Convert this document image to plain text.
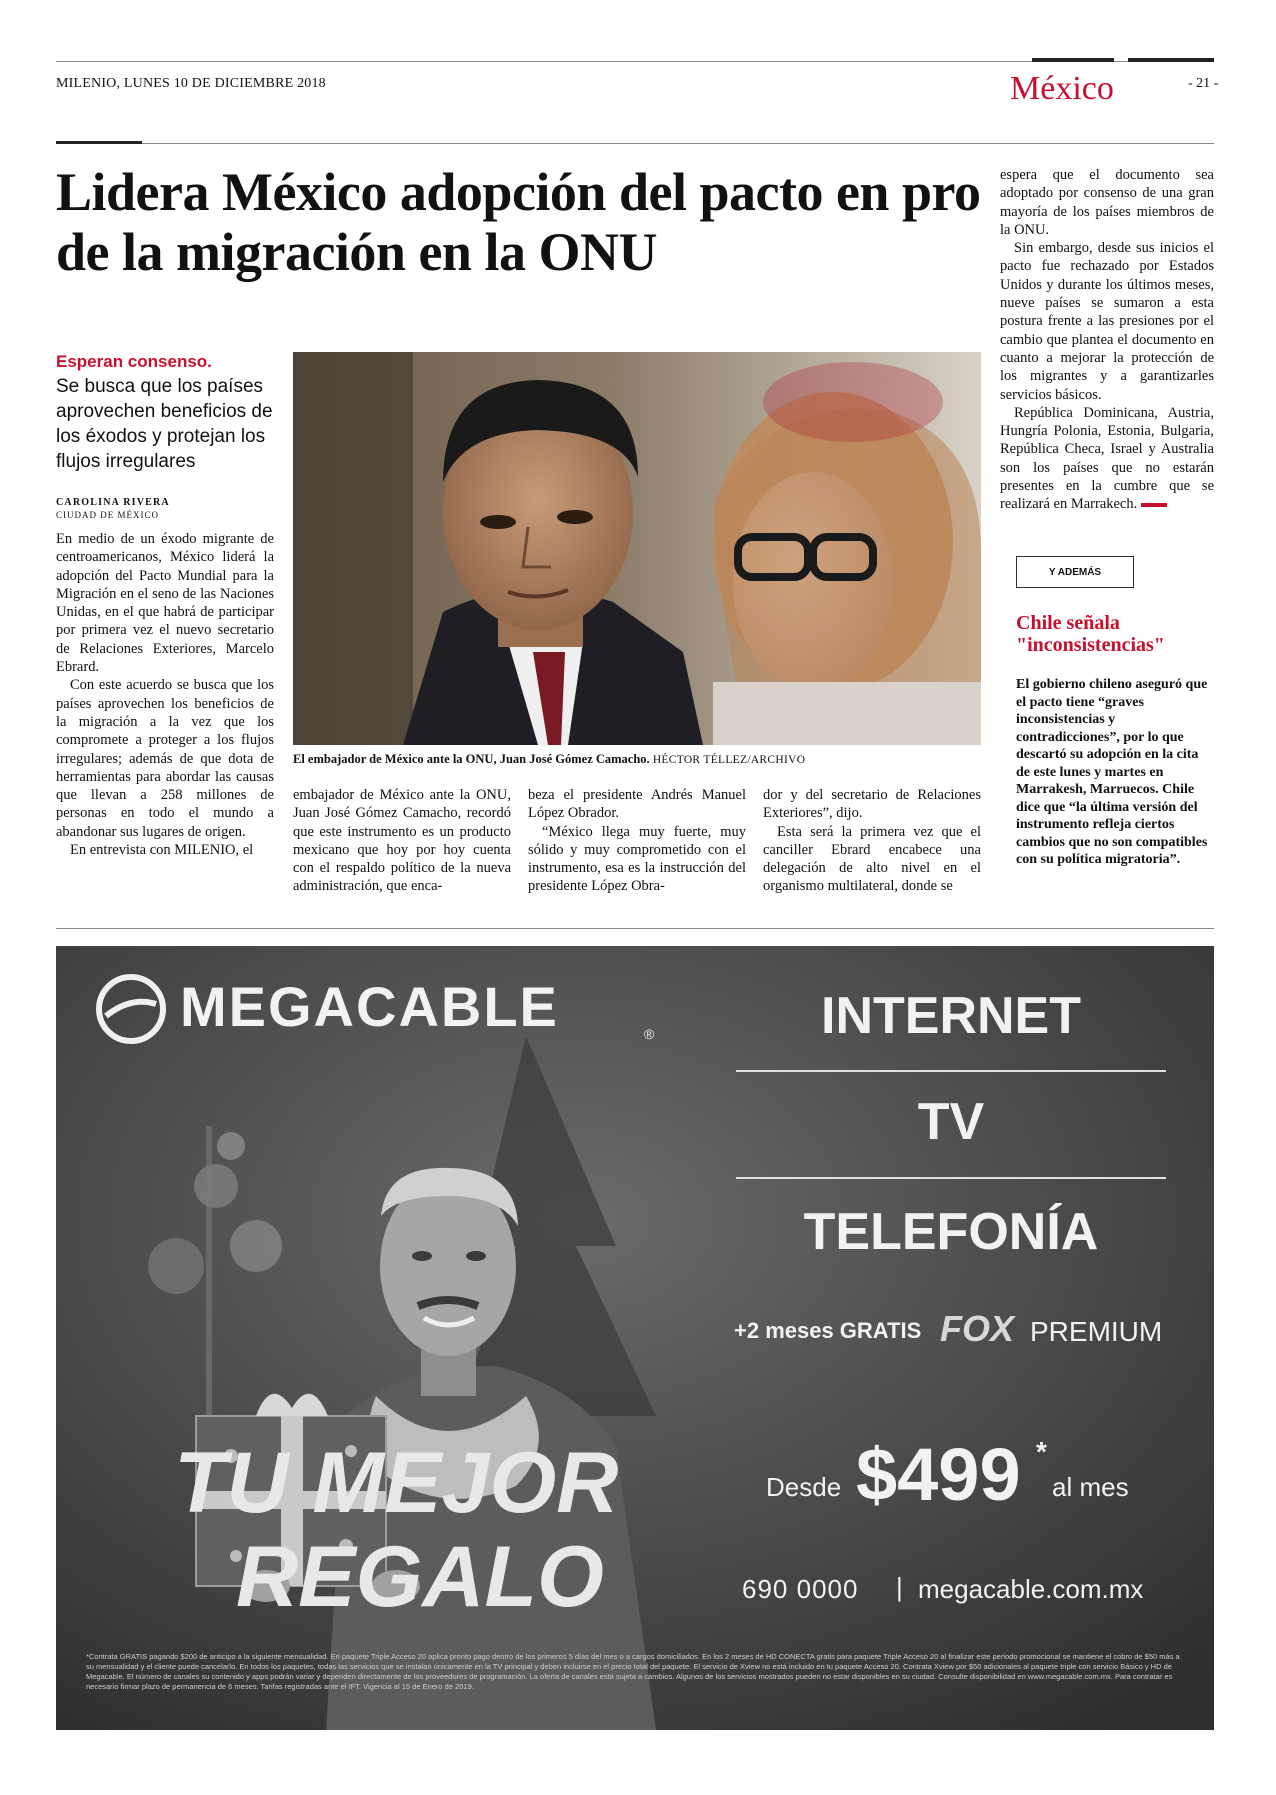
MILENIO, LUNES 10 DE DICIEMBRE 2018	México	- 21 -
Lidera México adopción del pacto en pro de la migración en la ONU
Esperan consenso.
Se busca que los países aprovechen beneficios de los éxodos y protejan los flujos irregulares
CAROLINA RIVERA
CIUDAD DE MÉXICO

En medio de un éxodo migrante de centroamericanos, México liderá la adopción del Pacto Mundial para la Migración en el seno de las Naciones Unidas, en el que habrá de participar por primera vez el nuevo secretario de Relaciones Exteriores, Marcelo Ebrard.

Con este acuerdo se busca que los países aprovechen los beneficios de la migración a la vez que los compromete a proteger a los flujos irregulares; además de que dota de herramientas para abordar las causas que llevan a 258 millones de personas en todo el mundo a abandonar sus lugares de origen.

En entrevista con MILENIO, el

El embajador de México ante la ONU, Juan José Gómez Camacho. HÉCTOR TÉLLEZ/ARCHIVO

embajador de México ante la ONU, Juan José Gómez Camacho, recordó que este instrumento es un producto mexicano que hoy por hoy cuenta con el respaldo político de la nueva administración, que enca-

beza el presidente Andrés Manuel López Obrador.

“México llega muy fuerte, muy sólido y muy comprometido con el instrumento, esa es la instrucción del presidente López Obra-

dor y del secretario de Relaciones Exteriores”, dijo.

Esta será la primera vez que el canciller Ebrard encabece una delegación de alto nivel en el organismo multilateral, donde se

espera que el documento sea adoptado por consenso de una gran mayoría de los países miembros de la ONU.

Sin embargo, desde sus inicios el pacto fue rechazado por Estados Unidos y durante los últimos meses, nueve países se sumaron a esta postura frente a las presiones por el cambio que plantea el documento en cuanto a mejorar la protección de los migrantes y a garantizarles servicios básicos.

República Dominicana, Austria, Hungría Polonia, Estonia, Bulgaria, República Checa, Israel y Australia son los países que no estarán presentes en la cumbre que se realizará en Marrakech.

Y ADEMÁS
Chile señala "inconsistencias"
El gobierno chileno aseguró que el pacto tiene “graves inconsistencias y contradicciones”, por lo que descartó su adopción en la cita de este lunes y martes en Marrakesh, Marruecos. Chile dice que “la última versión del instrumento refleja ciertos cambios que no son compatibles con su política migratoria”.
MEGACABLE	®	INTERNET
TV
TELEFONÍA
+2 meses GRATIS FOX PREMIUM
Desde $499 *
al mes
TU MEJOR
REGALO	690 0000 | megacable.com.mx
*Contrata GRATIS pagando $200 de anticipo a la siguiente mensualidad. En paquete Triple Acceso 20 aplica pronto pago dentro de los primeros 5 días del mes o a cargos domiciliados. En los 2 meses de HD CONECTA gratis para paquete Triple Acceso 20 al finalizar este periodo promocional se mantiene el cobro de $50 más a su mensualidad y el cliente puede cancelarlo. En todos los paquetes, todas las servicios que se instalan únicamente en la TV principal y deben incluirse en el precio total del paquete. El servicio de Xview no está incluido en tu paquete Acceso 20. Contrata Xview por $50 adicionales al paquete triple con servicio Básico y HD de Megacable. El número de canales su contenido y apps podrán variar y dependen directamente de los proveedores de programación. La oferta de canales está sujeta a cambios. Algunos de los servicios mostrados pueden no estar disponibles en su ciudad. Consulte disponibilidad en www.megacable.com.mx. Para contratar es necesario firmar plazo de permanencia de 6 meses. Tarifas registradas ante el IFT. Vigencia al 15 de Enero de 2019.
